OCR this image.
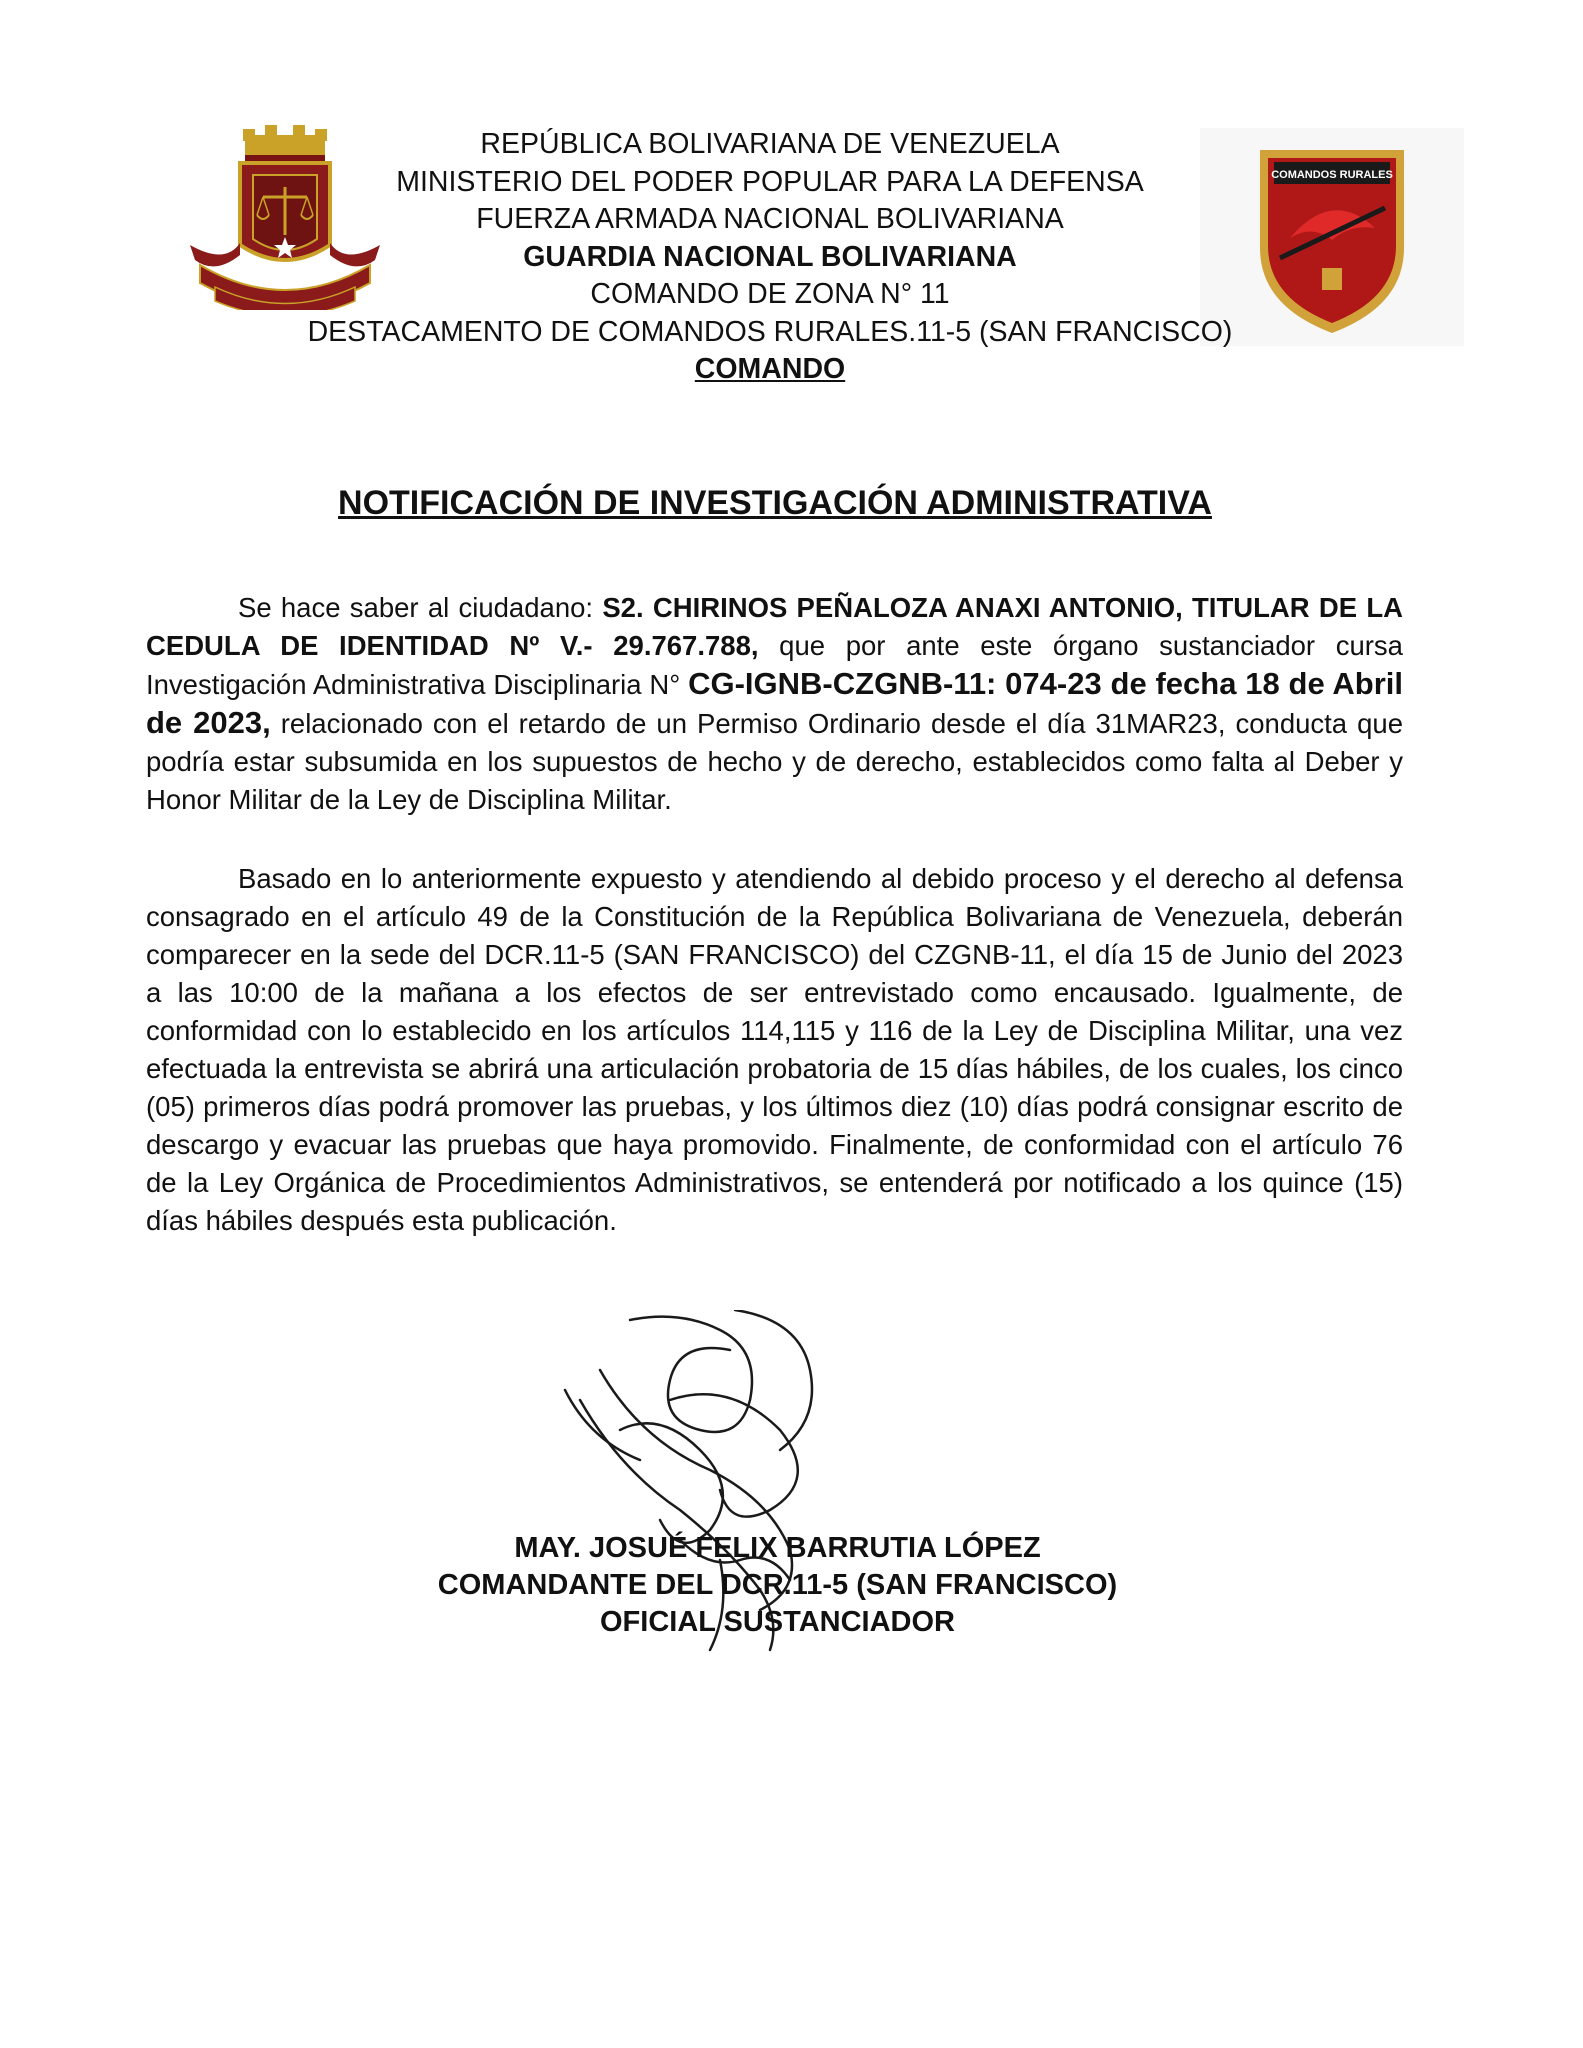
COMANDOS RURALES
REPÚBLICA BOLIVARIANA DE VENEZUELA
MINISTERIO DEL PODER POPULAR PARA LA DEFENSA
FUERZA ARMADA NACIONAL BOLIVARIANA
GUARDIA NACIONAL BOLIVARIANA
COMANDO DE ZONA N° 11
DESTACAMENTO DE COMANDOS RURALES.11-5 (SAN FRANCISCO)
COMANDO
NOTIFICACIÓN DE INVESTIGACIÓN ADMINISTRATIVA

Se hace saber al ciudadano: S2. CHIRINOS PEÑALOZA ANAXI ANTONIO, TITULAR DE LA CEDULA DE IDENTIDAD Nº V.- 29.767.788, que por ante este órgano sustanciador cursa Investigación Administrativa Disciplinaria N° CG-IGNB-CZGNB-11: 074-23 de fecha 18 de Abril de 2023, relacionado con el retardo de un Permiso Ordinario desde el día 31MAR23, conducta que podría estar subsumida en los supuestos de hecho y de derecho, establecidos como falta al Deber y Honor Militar de la Ley de Disciplina Militar.

Basado en lo anteriormente expuesto y atendiendo al debido proceso y el derecho al defensa consagrado en el artículo 49 de la Constitución de la República Bolivariana de Venezuela, deberán comparecer en la sede del DCR.11-5 (SAN FRANCISCO) del CZGNB-11, el día 15 de Junio del 2023 a las 10:00 de la mañana a los efectos de ser entrevistado como encausado. Igualmente, de conformidad con lo establecido en los artículos 114,115 y 116 de la Ley de Disciplina Militar, una vez efectuada la entrevista se abrirá una articulación probatoria de 15 días hábiles, de los cuales, los cinco (05) primeros días podrá promover las pruebas, y los últimos diez (10) días podrá consignar escrito de descargo y evacuar las pruebas que haya promovido. Finalmente, de conformidad con el artículo 76 de la Ley Orgánica de Procedimientos Administrativos, se entenderá por notificado a los quince (15) días hábiles después esta publicación.

MAY. JOSUÉ FELIX BARRUTIA LÓPEZ
COMANDANTE DEL DCR.11-5 (SAN FRANCISCO)
OFICIAL SUSTANCIADOR
